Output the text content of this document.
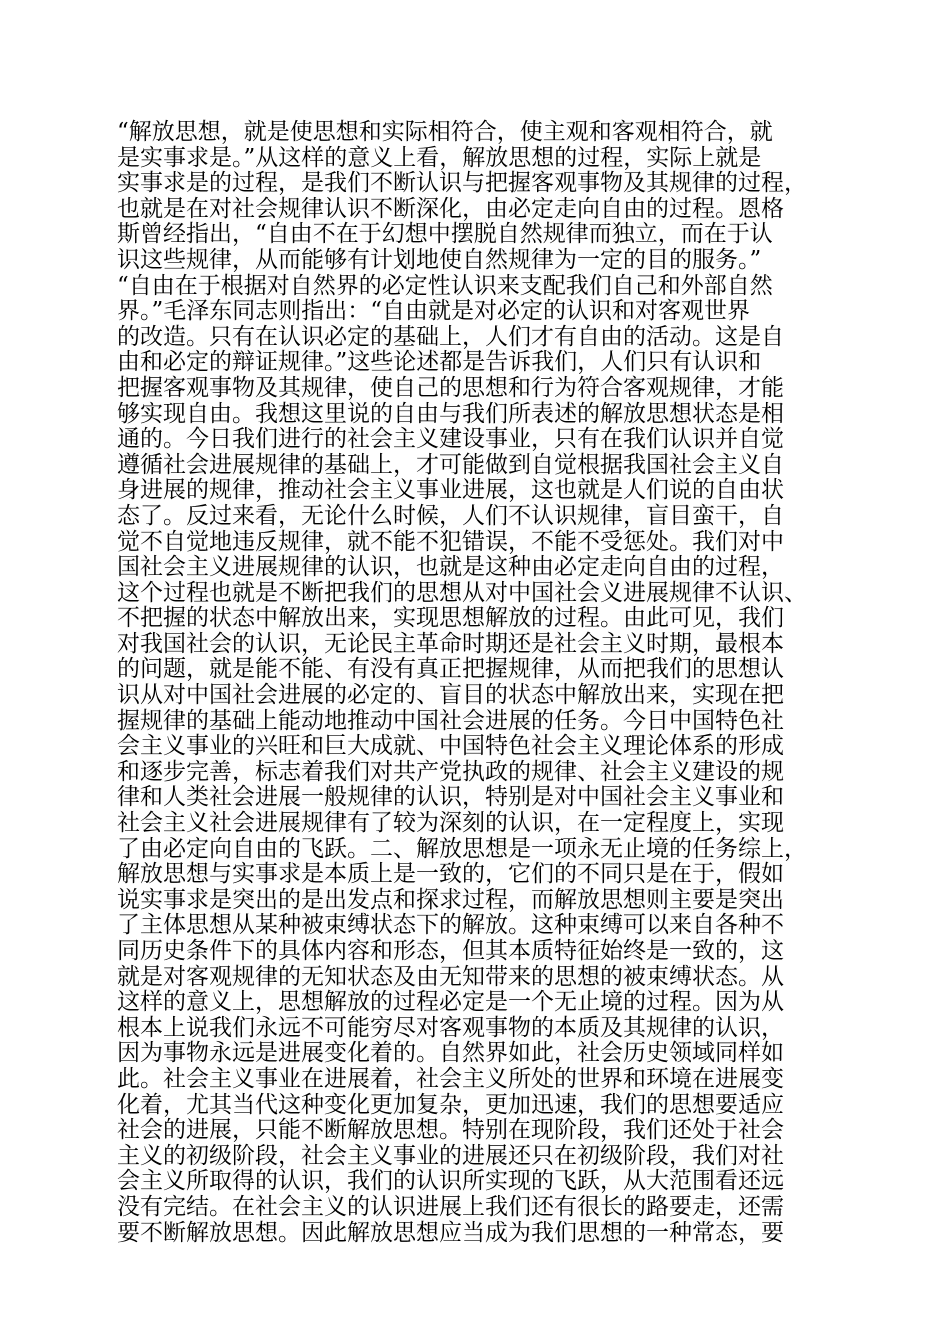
“解放思想，就是使思想和实际相符合，使主观和客观相符合，就
是实事求是。”从这样的意义上看，解放思想的过程，实际上就是
实事求是的过程，是我们不断认识与把握客观事物及其规律的过程，
也就是在对社会规律认识不断深化，由必定走向自由的过程。恩格
斯曾经指出，“自由不在于幻想中摆脱自然规律而独立，而在于认
识这些规律，从而能够有计划地使自然规律为一定的目的服务。”
“自由在于根据对自然界的必定性认识来支配我们自己和外部自然
界。”毛泽东同志则指出：“自由就是对必定的认识和对客观世界
的改造。只有在认识必定的基础上，人们才有自由的活动。这是自
由和必定的辩证规律。”这些论述都是告诉我们，人们只有认识和
把握客观事物及其规律，使自己的思想和行为符合客观规律，才能
够实现自由。我想这里说的自由与我们所表述的解放思想状态是相
通的。今日我们进行的社会主义建设事业，只有在我们认识并自觉
遵循社会进展规律的基础上，才可能做到自觉根据我国社会主义自
身进展的规律，推动社会主义事业进展，这也就是人们说的自由状
态了。反过来看，无论什么时候，人们不认识规律，盲目蛮干，自
觉不自觉地违反规律，就不能不犯错误，不能不受惩处。我们对中
国社会主义进展规律的认识，也就是这种由必定走向自由的过程，
这个过程也就是不断把我们的思想从对中国社会义进展规律不认识、
不把握的状态中解放出来，实现思想解放的过程。由此可见，我们
对我国社会的认识，无论民主革命时期还是社会主义时期，最根本
的问题，就是能不能、有没有真正把握规律，从而把我们的思想认
识从对中国社会进展的必定的、盲目的状态中解放出来，实现在把
握规律的基础上能动地推动中国社会进展的任务。今日中国特色社
会主义事业的兴旺和巨大成就、中国特色社会主义理论体系的形成
和逐步完善，标志着我们对共产党执政的规律、社会主义建设的规
律和人类社会进展一般规律的认识，特别是对中国社会主义事业和
社会主义社会进展规律有了较为深刻的认识，在一定程度上，实现
了由必定向自由的飞跃。二、解放思想是一项永无止境的任务综上，
解放思想与实事求是本质上是一致的，它们的不同只是在于，假如
说实事求是突出的是出发点和探求过程，而解放思想则主要是突出
了主体思想从某种被束缚状态下的解放。这种束缚可以来自各种不
同历史条件下的具体内容和形态，但其本质特征始终是一致的，这
就是对客观规律的无知状态及由无知带来的思想的被束缚状态。从
这样的意义上，思想解放的过程必定是一个无止境的过程。因为从
根本上说我们永远不可能穷尽对客观事物的本质及其规律的认识，
因为事物永远是进展变化着的。自然界如此，社会历史领域同样如
此。社会主义事业在进展着，社会主义所处的世界和环境在进展变
化着，尤其当代这种变化更加复杂，更加迅速，我们的思想要适应
社会的进展，只能不断解放思想。特别在现阶段，我们还处于社会
主义的初级阶段，社会主义事业的进展还只在初级阶段，我们对社
会主义所取得的认识，我们的认识所实现的飞跃，从大范围看还远
没有完结。在社会主义的认识进展上我们还有很长的路要走，还需
要不断解放思想。因此解放思想应当成为我们思想的一种常态，要
